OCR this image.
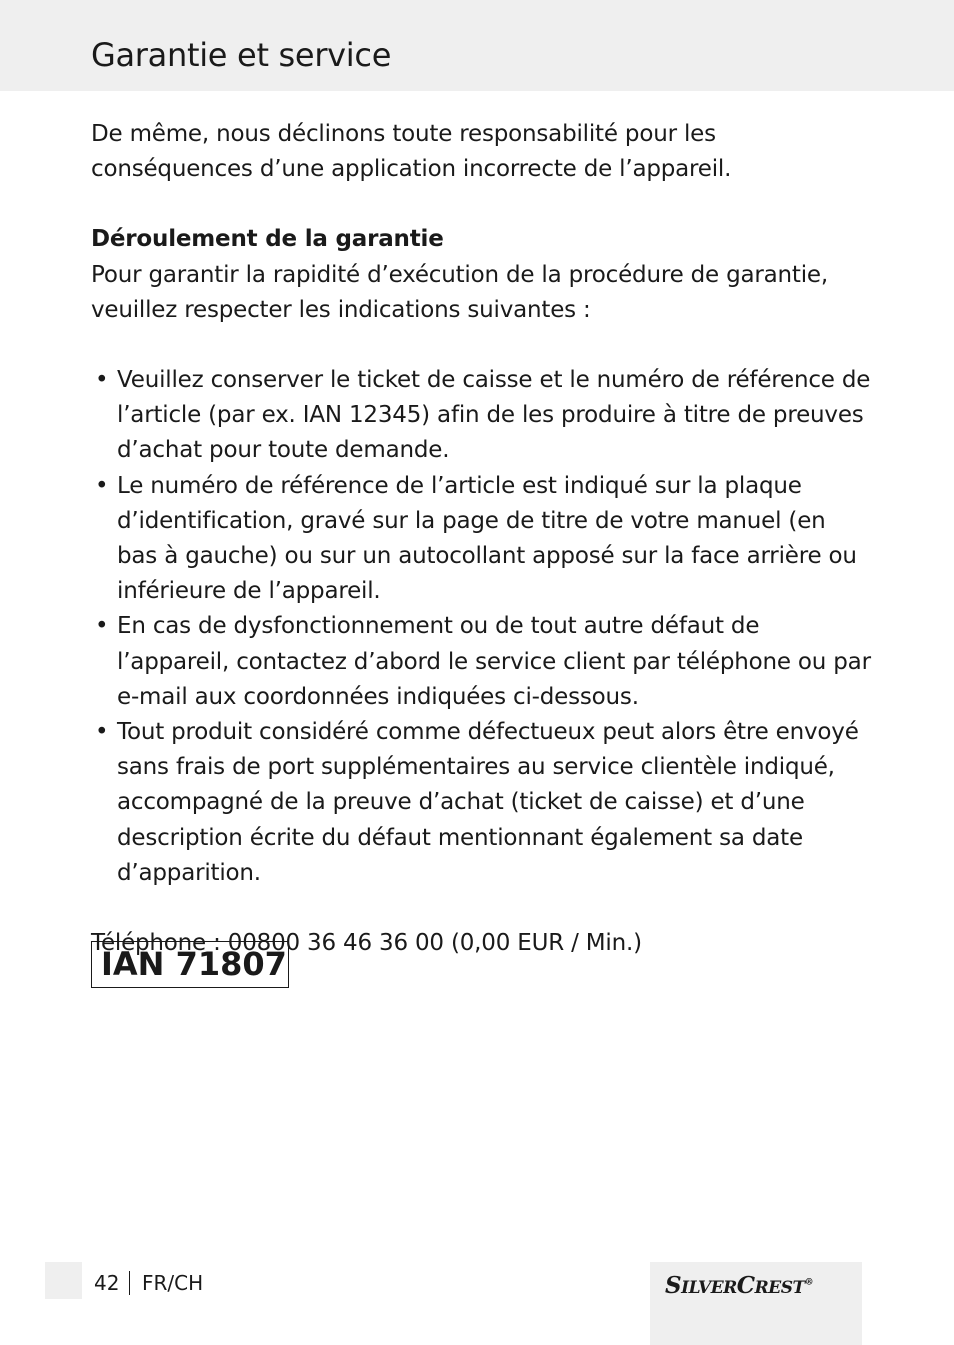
Garantie et service

De même, nous déclinons toute responsabilité pour les conséquences d’une application incorrecte de l’appareil.

Déroulement de la garantie

Pour garantir la rapidité d’exécution de la procédure de garantie, veuillez respecter les indications suivantes :

• Veuillez conserver le ticket de caisse et le numéro de référence de l’article (par ex. IAN 12345) afin de les produire à titre de preuves d’achat pour toute demande.
• Le numéro de référence de l’article est indiqué sur la plaque d’identification, gravé sur la page de titre de votre manuel (en bas à gauche) ou sur un autocollant apposé sur la face arrière ou inférieure de l’appareil.
• En cas de dysfonctionnement ou de tout autre défaut de l’appareil, contactez d’abord le service client par téléphone ou par e-mail aux coordonnées indiquées ci-dessous.
• Tout produit considéré comme défectueux peut alors être envoyé sans frais de port supplémentaires au service clientèle indiqué, accompagné de la preuve d’achat (ticket de caisse) et d’une description écrite du défaut mentionnant également sa date d’apparition.

Téléphone : 00800 36 46 36 00 (0,00 EUR / Min.)

IAN 71807
42	FR/CH	SILVERCREST®
